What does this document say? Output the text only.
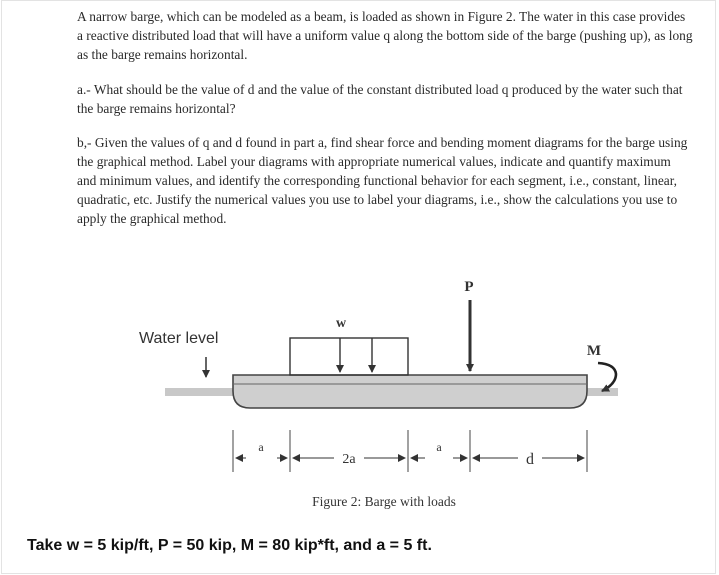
A narrow barge, which can be modeled as a beam, is loaded as shown in Figure 2. The water in this case provides a reactive distributed load that will have a uniform value q along the bottom side of the barge (pushing up), as long as the barge remains horizontal.
a.- What should be the value of d and the value of the constant distributed load q produced by the water such that the barge remains horizontal?
b,- Given the values of q and d found in part a, find shear force and bending moment diagrams for the barge using the graphical method. Label your diagrams with appropriate numerical values, indicate and quantify maximum and minimum values, and identify the corresponding functional behavior for each segment, i.e., constant, linear, quadratic, etc. Justify the numerical values you use to label your diagrams, i.e., show the calculations you use to apply the graphical method.
Water level
w
P
M
a
2a
a
d
Figure 2: Barge with loads
Take w = 5 kip/ft, P = 50 kip, M = 80 kip*ft, and a = 5 ft.
